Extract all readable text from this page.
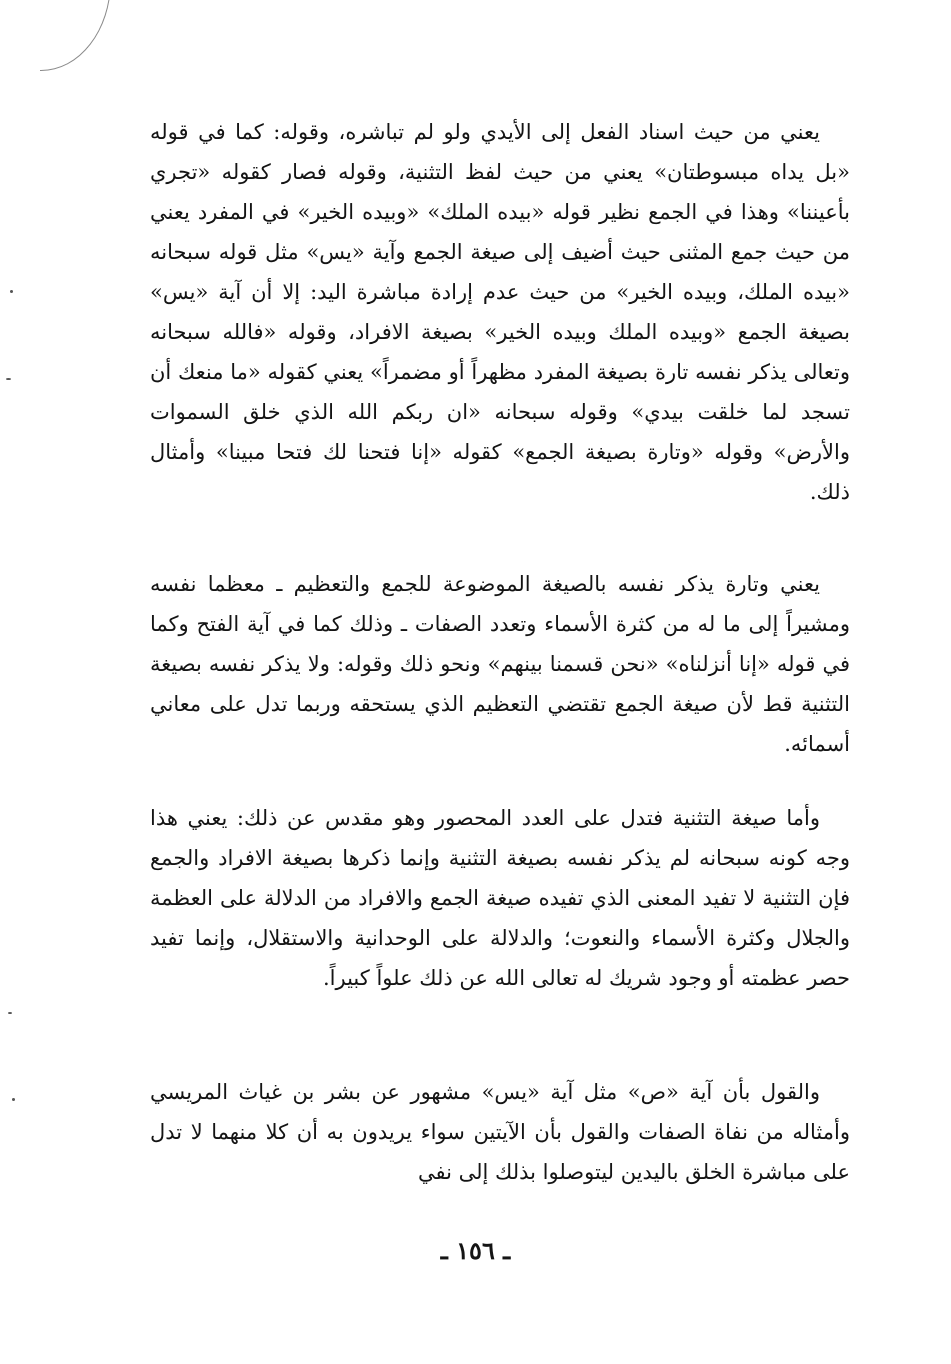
يعني من حيث اسناد الفعل إلى الأيدي ولو لم تباشره، وقوله: كما في قوله «بل يداه مبسوطتان» يعني من حيث لفظ التثنية، وقوله فصار كقوله «تجري بأعيننا» وهذا في الجمع نظير قوله «بيده الملك» «وبيده الخير» في المفرد يعني من حيث جمع المثنى حيث أضيف إلى صيغة الجمع وآية «يس» مثل قوله سبحانه «بيده الملك، وبيده الخير» من حيث عدم إرادة مباشرة اليد: إلا أن آية «يس» بصيغة الجمع «وبيده الملك وبيده الخير» بصيغة الافراد، وقوله «فالله سبحانه وتعالى يذكر نفسه تارة بصيغة المفرد مظهراً أو مضمراً» يعني كقوله «ما منعك أن تسجد لما خلقت بيدي» وقوله سبحانه «ان ربكم الله الذي خلق السموات والأرض» وقوله «وتارة بصيغة الجمع» كقوله «إنا فتحنا لك فتحا مبينا» وأمثال ذلك.

يعني وتارة يذكر نفسه بالصيغة الموضوعة للجمع والتعظيم ـ معظما نفسه ومشيراً إلى ما له من كثرة الأسماء وتعدد الصفات ـ وذلك كما في آية الفتح وكما في قوله «إنا أنزلناه» «نحن قسمنا بينهم» ونحو ذلك وقوله: ولا يذكر نفسه بصيغة التثنية قط لأن صيغة الجمع تقتضي التعظيم الذي يستحقه وربما تدل على معاني أسمائه.

وأما صيغة التثنية فتدل على العدد المحصور وهو مقدس عن ذلك: يعني هذا وجه كونه سبحانه لم يذكر نفسه بصيغة التثنية وإنما ذكرها بصيغة الافراد والجمع فإن التثنية لا تفيد المعنى الذي تفيده صيغة الجمع والافراد من الدلالة على العظمة والجلال وكثرة الأسماء والنعوت؛ والدلالة على الوحدانية والاستقلال، وإنما تفيد حصر عظمته أو وجود شريك له تعالى الله عن ذلك علواً كبيراً.

والقول بأن آية «ص» مثل آية «يس» مشهور عن بشر بن غياث المريسي وأمثاله من نفاة الصفات والقول بأن الآيتين سواء يريدون به أن كلا منهما لا تدل على مباشرة الخلق باليدين ليتوصلوا بذلك إلى نفي

ـ ١٥٦ ـ
